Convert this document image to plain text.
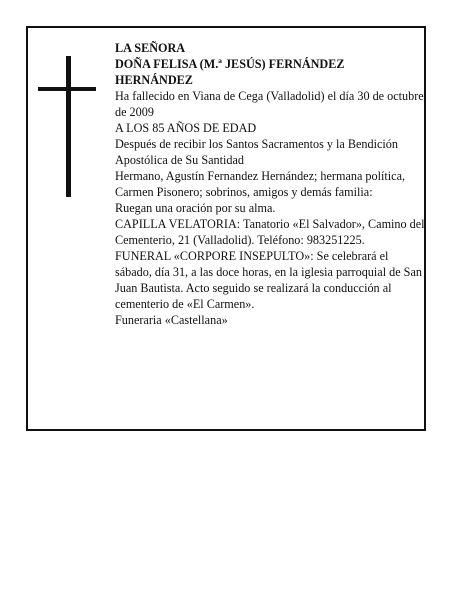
LA SEÑORA

DOÑA FELISA (M.ª JESÚS) FERNÁNDEZ HERNÁNDEZ

Ha fallecido en Viana de Cega (Valladolid) el día 30 de octubre de 2009

A LOS 85 AÑOS DE EDAD

Después de recibir los Santos Sacramentos y la Bendición Apostólica de Su Santidad

Hermano, Agustín Fernandez Hernández; hermana política, Carmen Pisonero; sobrinos, amigos y demás familia:

Ruegan una oración por su alma.

CAPILLA VELATORIA: Tanatorio «El Salvador», Camino del Cementerio, 21 (Valladolid). Teléfono: 983251225.

FUNERAL «CORPORE INSEPULTO»: Se celebrará el sábado, día 31, a las doce horas, en la iglesia parroquial de San Juan Bautista. Acto seguido se realizará la conducción al cementerio de «El Carmen».

Funeraria «Castellana»
